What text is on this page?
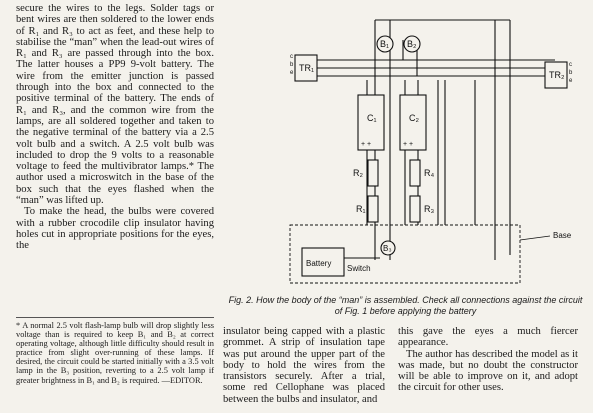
secure the wires to the legs. Solder tags or bent wires are then soldered to the lower ends of R₁ and R₃ to act as feet, and these help to stabilise the “man” when the lead-out wires of R₁ and R₃ are passed through into the box. The latter houses a PP9 9-volt battery. The wire from the emitter junction is passed through into the box and connected to the positive terminal of the battery. The ends of R₁ and R₃, and the common wire from the lamps, are all soldered together and taken to the negative terminal of the battery via a 2.5 volt bulb and a switch. A 2.5 volt bulb was included to drop the 9 volts to a reasonable voltage to feed the multivibrator lamps.* The author used a microswitch in the base of the box such that the eyes flashed when the “man” was lifted up.

To make the head, the bulbs were covered with a rubber crocodile clip insulator having holes cut in appropriate positions for the eyes, the

* A normal 2.5 volt flash-lamp bulb will drop slightly less voltage than is required to keep B₁ and B₂ at correct operating voltage, although little difficulty should result in practice from slight over-running of these lamps. If desired, the circuit could be started initially with a 3.5 volt lamp in the B₃ position, reverting to a 2.5 volt lamp if greater brightness in B₁ and B₂ is required. —EDITOR.
+ +	+ +
B₁ B₂
B₃
TR₁
TR₂
C₁	C₂
R₂
R₁
R₄
R₃
Battery
Switch
Base
c
b
e
c
b
e
Fig. 2. How the body of the “man” is assembled. Check all connections against the circuit of Fig. 1 before applying the battery

insulator being capped with a plastic grommet. A strip of insulation tape was put around the upper part of the body to hold the wires from the transistors securely. After a trial, some red Cellophane was placed between the bulbs and insulator, and

this gave the eyes a much fiercer appearance.

The author has described the model as it was made, but no doubt the constructor will be able to improve on it, and adopt the circuit for other uses.
